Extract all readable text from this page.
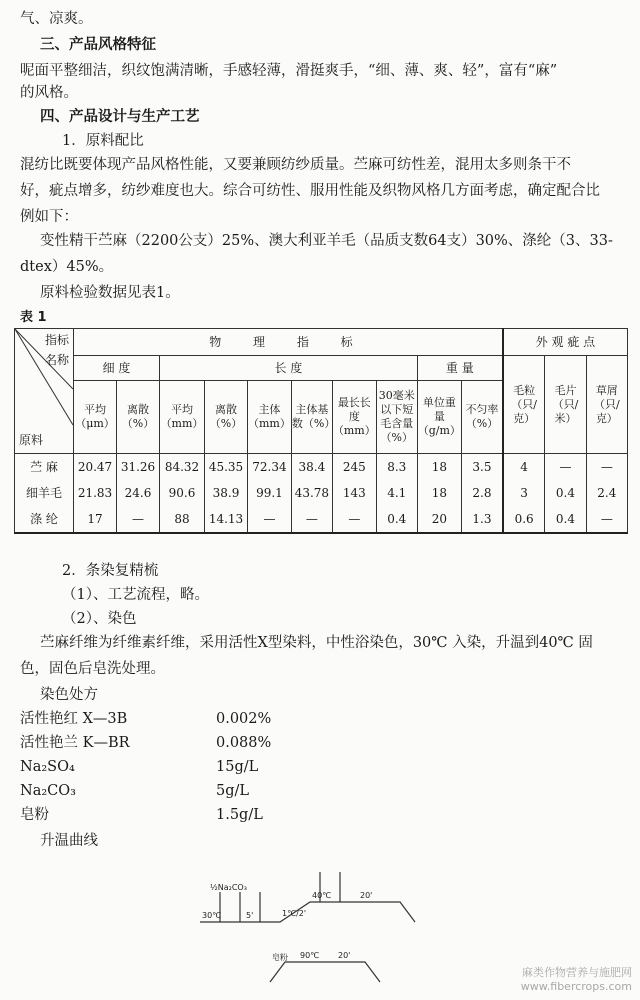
气、凉爽。
三、产品风格特征
呢面平整细洁，织纹饱满清晰，手感轻薄，滑挺爽手，“细、薄、爽、轻”，富有“麻”
的风格。
四、产品设计与生产工艺
1．原料配比
混纺比既要体现产品风格性能，又要兼顾纺纱质量。苎麻可纺性差，混用太多则条干不
好，疵点增多，纺纱难度也大。综合可纺性、服用性能及织物风格几方面考虑，确定配合比
例如下：
变性精干苎麻（2200公支）25%、澳大利亚羊毛（品质支数64支）30%、涤纶（3、33-
dtex）45%。
原料检验数据见表1。
表 1
指标
名称
原料	物 理 指 标										外 观 疵 点		
	细 度		长 度						重 量		毛粒（只/克）	毛片（只/米）	草屑（只/克）
	平均（μm）	离散（%）	平均（mm）	离散（%）	主体（mm）	主体基数（%）	最长长度（mm）	30毫米以下短毛含量（%）	单位重量（g/m）	不匀率（%）			
苎 麻	20.47	31.26	84.32	45.35	72.34	38.4	245	8.3	18	3.5	4	—	—
细羊毛	21.83	24.6	90.6	38.9	99.1	43.78	143	4.1	18	2.8	3	0.4	2.4
涤 纶	17	—	88	14.13	—	—	—	0.4	20	1.3	0.6	0.4	—
2．条染复精梳
（1）、工艺流程，略。
（2）、染色
苎麻纤维为纤维素纤维，采用活性X型染料，中性浴染色，30℃ 入染，升温到40℃ 固
色，固色后皂洗处理。
染色处方
活性艳红 X—3B	0.002%
活性艳兰 K—BR	0.088%
Na₂SO₄	15g/L
Na₂CO₃	5g/L
皂粉	1.5g/L
升温曲线
½Na₂CO₃
30℃	5'	1℃/2'
40℃	20'
皂粉 90℃ 20'
麻类作物营养与施肥网
www.fibercrops.com
